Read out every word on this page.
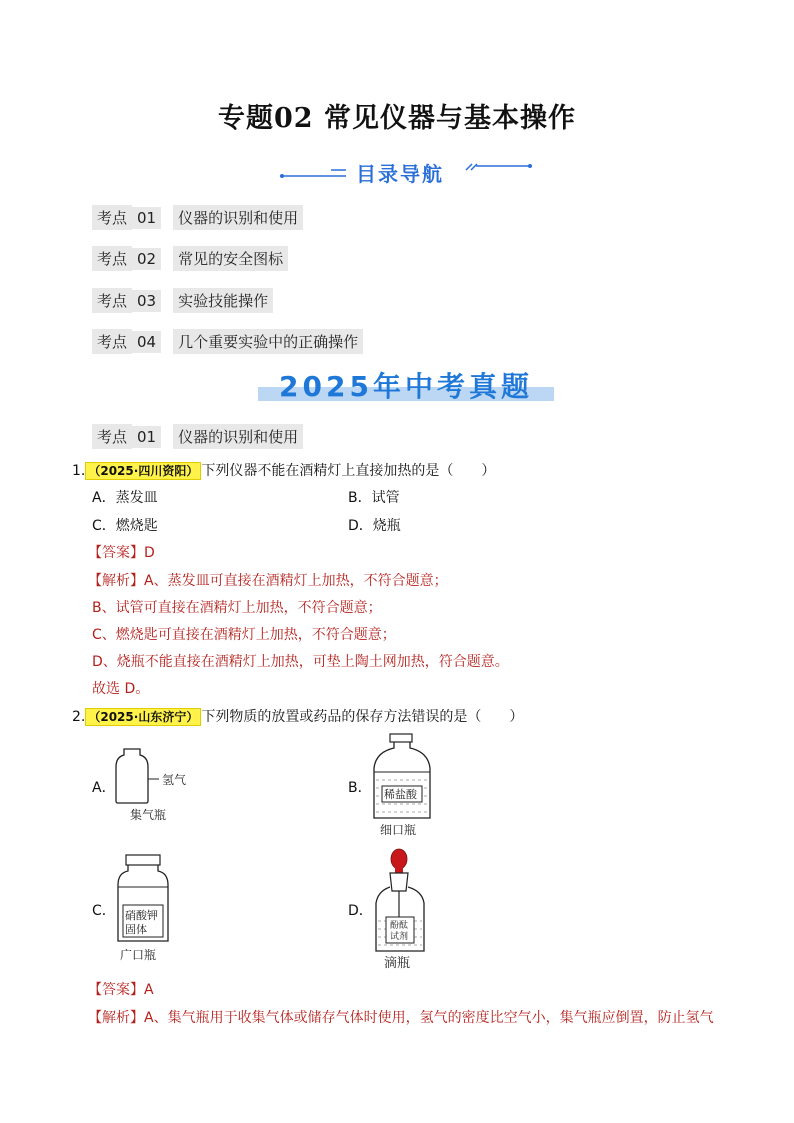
专题02 常见仪器与基本操作
目录导航
考点 01 仪器的识别和使用
考点 02 常见的安全图标
考点 03 实验技能操作
考点 04 几个重要实验中的正确操作
2025年中考真题
考点 01 仪器的识别和使用
1. （2025·四川资阳） 下列仪器不能在酒精灯上直接加热的是（　　）
A．蒸发皿	B．试管
C．燃烧匙	D．烧瓶
【答案】D
【解析】A、蒸发皿可直接在酒精灯上加热，不符合题意；
B、试管可直接在酒精灯上加热，不符合题意；
C、燃烧匙可直接在酒精灯上加热，不符合题意；
D、烧瓶不能直接在酒精灯上加热，可垫上陶土网加热，符合题意。
故选 D。
2. （2025·山东济宁） 下列物质的放置或药品的保存方法错误的是（　　）
A．	氢气
集气瓶
B． 稀盐酸
细口瓶
C． 硝酸钾
固体
广口瓶
D．
酚酞
试剂
滴瓶
【答案】A
【解析】A、集气瓶用于收集气体或储存气体时使用，氢气的密度比空气小，集气瓶应倒置，防止氢气
